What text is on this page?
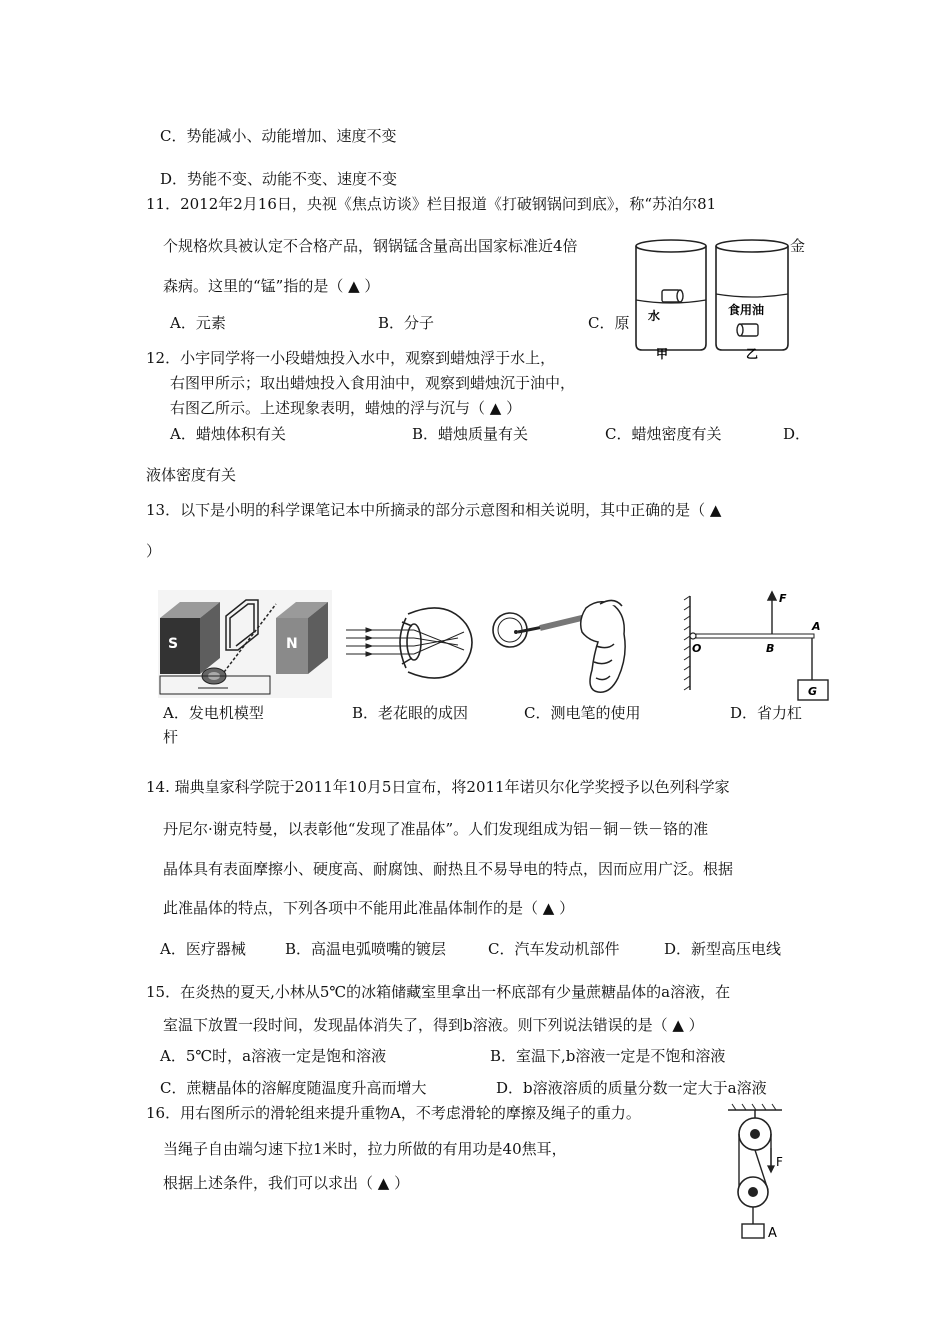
C．势能减小、动能增加、速度不变
D．势能不变、动能不变、速度不变
11．2012年2月16日，央视《焦点访谈》栏目报道《打破钢锅问到底》，称“苏泊尔81
个规格炊具被认定不合格产品，钢锅锰含量高出国家标准近4倍	金
森病。这里的“锰”指的是（ ▲ ）
A．元素	B．分子	C．原 水
甲
食用油
乙
12．小宇同学将一小段蜡烛投入水中，观察到蜡烛浮于水上，
右图甲所示；取出蜡烛投入食用油中，观察到蜡烛沉于油中，
右图乙所示。上述现象表明，蜡烛的浮与沉与（ ▲ ）
A．蜡烛体积有关	B．蜡烛质量有关	C．蜡烛密度有关	D．
液体密度有关
13．以下是小明的科学课笔记本中所摘录的部分示意图和相关说明，其中正确的是（ ▲
）
S	N
F
A
O	B
G
A．发电机模型	B．老花眼的成因	C．测电笔的使用	D．省力杠
杆
14. 瑞典皇家科学院于2011年10月5日宣布，将2011年诺贝尔化学奖授予以色列科学家
丹尼尔·谢克特曼，以表彰他“发现了准晶体”。人们发现组成为铝－铜－铁－铬的准
晶体具有表面摩擦小、硬度高、耐腐蚀、耐热且不易导电的特点，因而应用广泛。根据
此准晶体的特点，下列各项中不能用此准晶体制作的是（ ▲ ）
A．医疗器械	B．高温电弧喷嘴的镀层	C．汽车发动机部件	D．新型高压电线
15．在炎热的夏天,小林从5℃的冰箱储藏室里拿出一杯底部有少量蔗糖晶体的a溶液，在
室温下放置一段时间，发现晶体消失了，得到b溶液。则下列说法错误的是（ ▲ ）
A．5℃时，a溶液一定是饱和溶液	B．室温下,b溶液一定是不饱和溶液
C．蔗糖晶体的溶解度随温度升高而增大	D．b溶液溶质的质量分数一定大于a溶液
16．用右图所示的滑轮组来提升重物A，不考虑滑轮的摩擦及绳子的重力。
当绳子自由端匀速下拉1米时，拉力所做的有用功是40焦耳，
根据上述条件，我们可以求出（ ▲ ）
F
A
